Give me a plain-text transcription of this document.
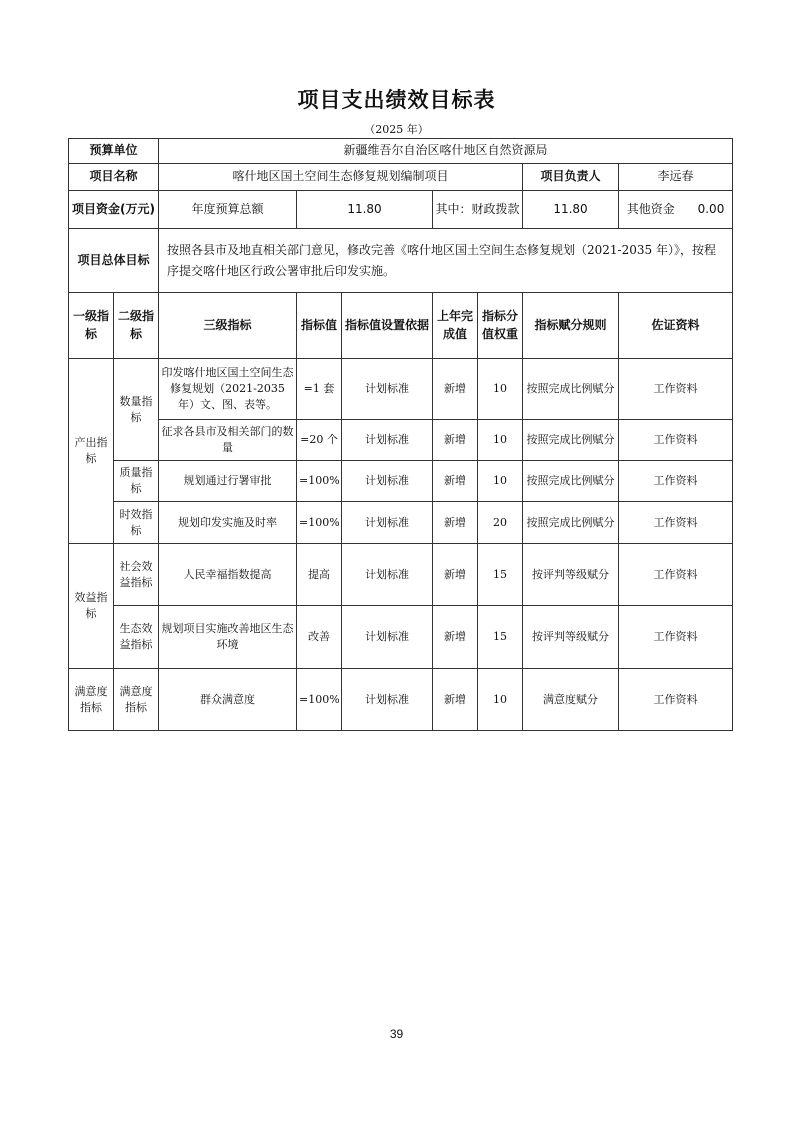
项目支出绩效目标表
（2025 年）
预算单位		新疆维吾尔自治区喀什地区自然资源局						
项目名称		喀什地区国土空间生态修复规划编制项目					项目负责人	李远春
项目资金(万元)		年度预算总额	11.80		其中：财政拨款		11.80	其他资金 0.00
项目总体目标		按照各县市及地直相关部门意见，修改完善《喀什地区国土空间生态修复规划（2021-2035 年）》，按程序提交喀什地区行政公署审批后印发实施。						
一级指标	二级指标	三级指标	指标值	指标值设置依据	上年完成值	指标分值权重	指标赋分规则	佐证资料
产出指标	数量指标	印发喀什地区国土空间生态修复规划（2021-2035 年）文、图、表等。	=1 套	计划标准	新增	10	按照完成比例赋分	工作资料
		征求各县市及相关部门的数量	=20 个	计划标准	新增	10	按照完成比例赋分	工作资料
	质量指标	规划通过行署审批	=100%	计划标准	新增	10	按照完成比例赋分	工作资料
	时效指标	规划印发实施及时率	=100%	计划标准	新增	20	按照完成比例赋分	工作资料
效益指标	社会效益指标	人民幸福指数提高	提高	计划标准	新增	15	按评判等级赋分	工作资料
	生态效益指标	规划项目实施改善地区生态环境	改善	计划标准	新增	15	按评判等级赋分	工作资料
满意度指标	满意度指标	群众满意度	=100%	计划标准	新增	10	满意度赋分	工作资料
39
